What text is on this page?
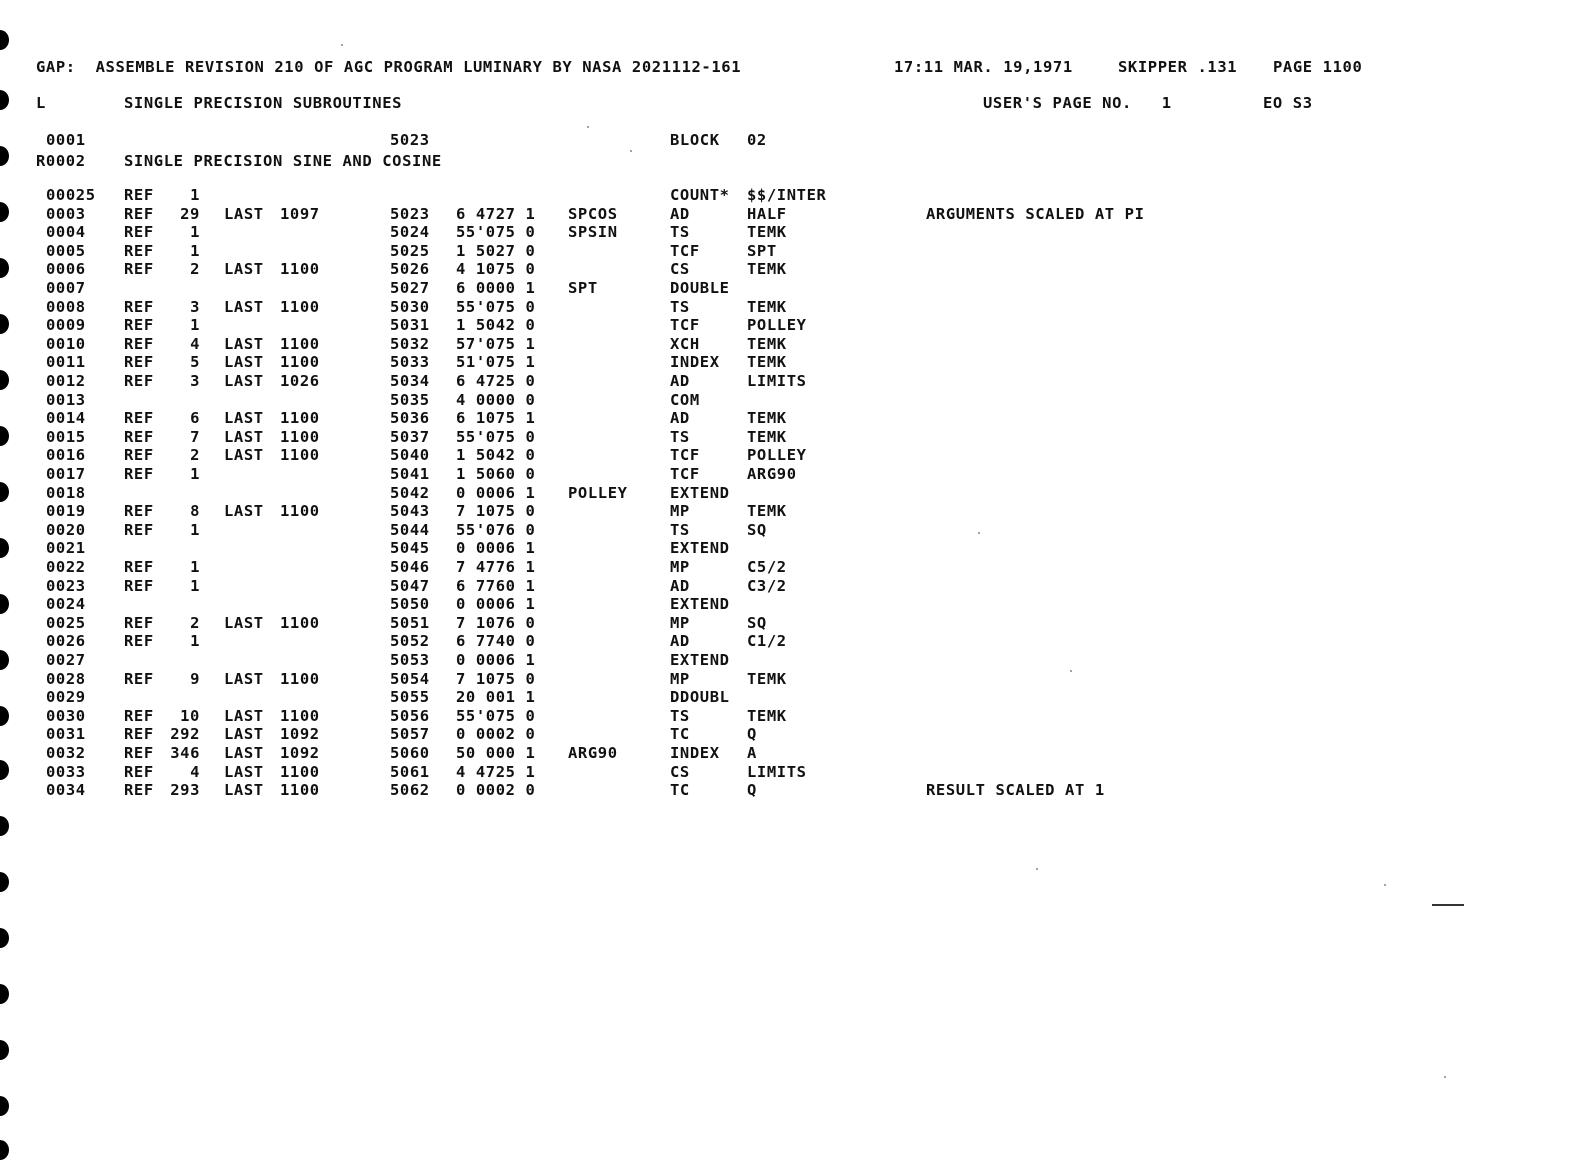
GAP:  ASSEMBLE REVISION 210 OF AGC PROGRAM LUMINARY BY NASA 2021112-161	17:11 MAR. 19,1971	SKIPPER .131 PAGE 1100
L	SINGLE PRECISION SUBROUTINES	USER'S PAGE NO.   1	EO S3
0001	5023	BLOCK 02
R0002 SINGLE PRECISION SINE AND COSINE
00025 REF	1	COUNT* $$/INTER
0003 REF	29 LAST 1097	5023 6 4727 1 SPCOS	AD	HALF	ARGUMENTS SCALED AT PI
0004 REF	1	5024 55'075 0 SPSIN	TS	TEMK
0005 REF	1	5025 1 5027 0	TCF	SPT
0006 REF	2 LAST 1100	5026 4 1075 0	CS	TEMK
0007	5027 6 0000 1 SPT	DOUBLE
0008 REF	3 LAST 1100	5030 55'075 0	TS	TEMK
0009 REF	1	5031 1 5042 0	TCF	POLLEY
0010 REF	4 LAST 1100	5032 57'075 1	XCH	TEMK
0011 REF	5 LAST 1100	5033 51'075 1	INDEX TEMK
0012 REF	3 LAST 1026	5034 6 4725 0	AD	LIMITS
0013	5035 4 0000 0	COM
0014 REF	6 LAST 1100	5036 6 1075 1	AD	TEMK
0015 REF	7 LAST 1100	5037 55'075 0	TS	TEMK
0016 REF	2 LAST 1100	5040 1 5042 0	TCF	POLLEY
0017 REF	1	5041 1 5060 0	TCF	ARG90
0018	5042 0 0006 1 POLLEY	EXTEND
0019 REF	8 LAST 1100	5043 7 1075 0	MP	TEMK
0020 REF	1	5044 55'076 0	TS	SQ
0021	5045 0 0006 1	EXTEND
0022 REF	1	5046 7 4776 1	MP	C5/2
0023 REF	1	5047 6 7760 1	AD	C3/2
0024	5050 0 0006 1	EXTEND
0025 REF	2 LAST 1100	5051 7 1076 0	MP	SQ
0026 REF	1	5052 6 7740 0	AD	C1/2
0027	5053 0 0006 1	EXTEND
0028 REF	9 LAST 1100	5054 7 1075 0	MP	TEMK
0029	5055 20 001 1	DDOUBL
0030 REF	10 LAST 1100	5056 55'075 0	TS	TEMK
0031 REF	292 LAST 1092	5057 0 0002 0	TC	Q
0032 REF	346 LAST 1092	5060 50 000 1 ARG90	INDEX A
0033 REF	4 LAST 1100	5061 4 4725 1	CS	LIMITS
0034 REF	293 LAST 1100	5062 0 0002 0	TC	Q	RESULT SCALED AT 1
